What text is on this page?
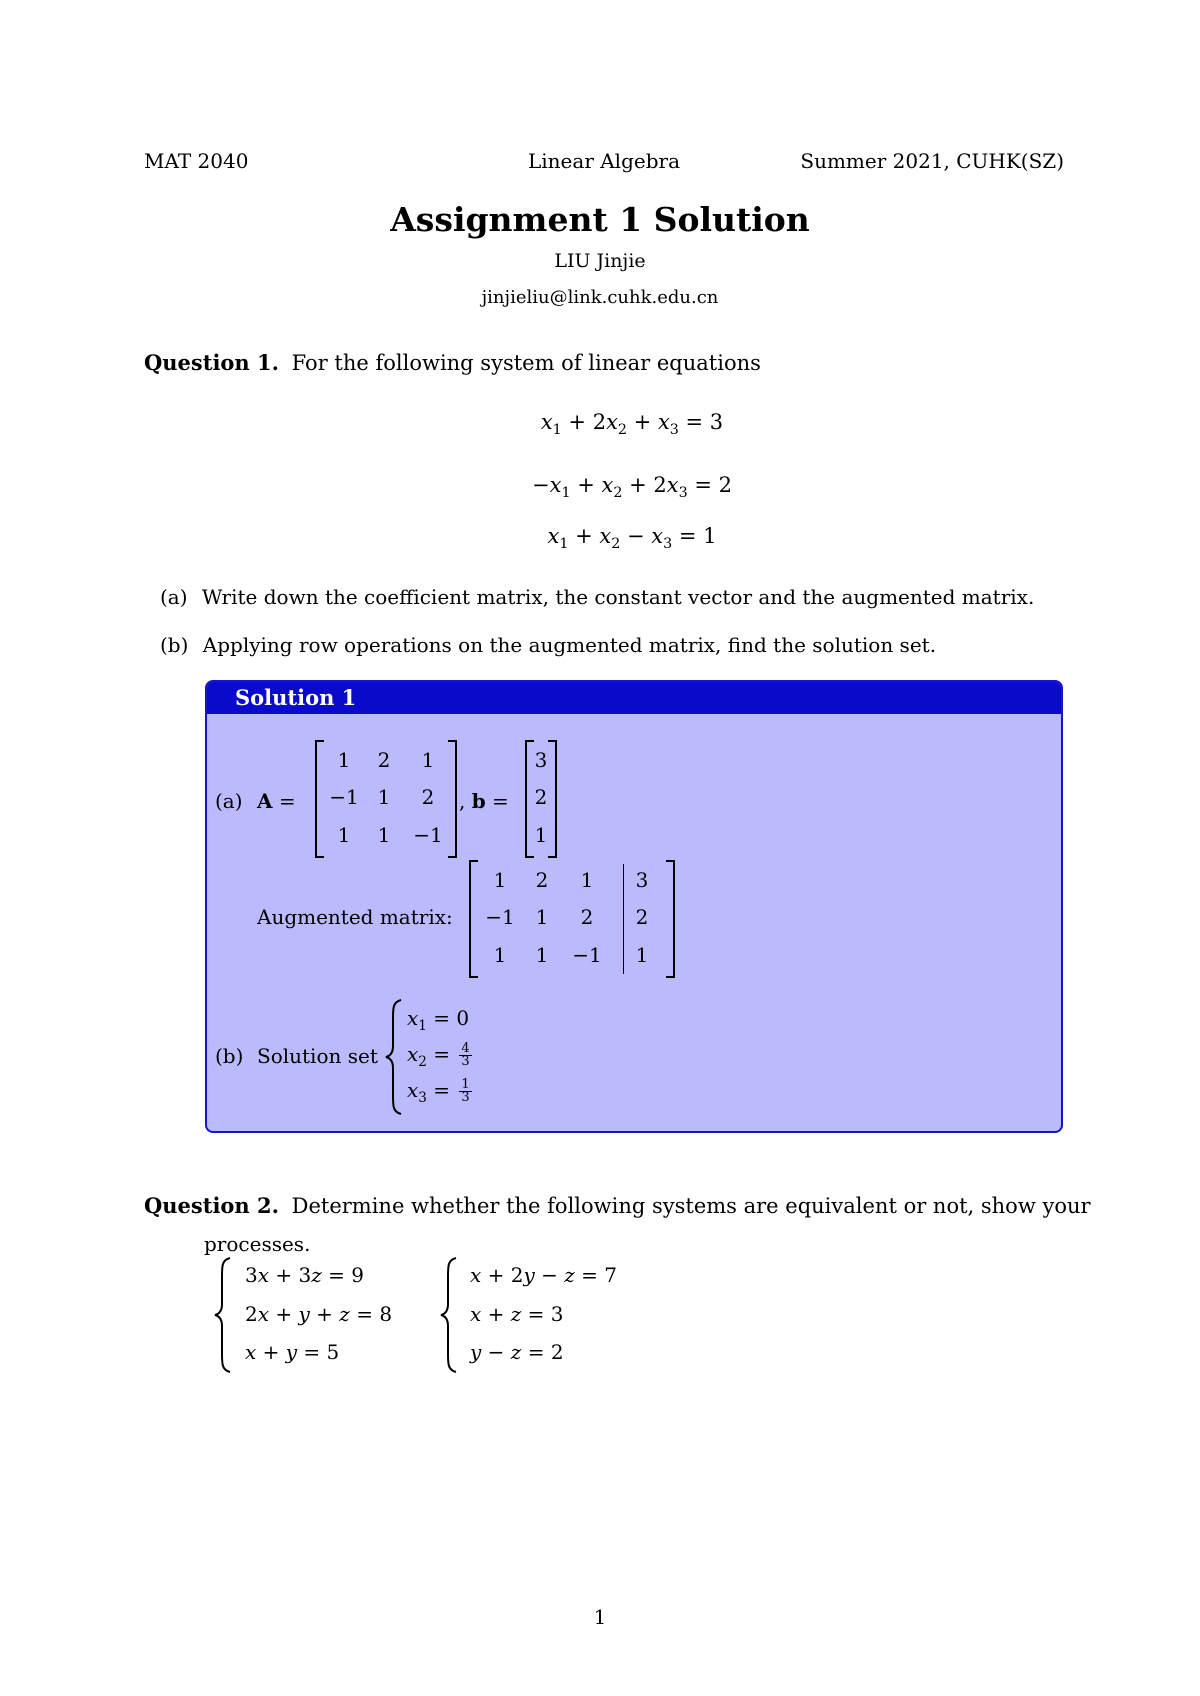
MAT 2040	Linear Algebra	Summer 2021, CUHK(SZ)
Assignment 1 Solution
LIU Jinjie
jinjieliu@link.cuhk.edu.cn
Question 1. For the following system of linear equations
$x_1 + 2x_2 + x_3 = 3$
$-x_1 + x_2 + 2x_3 = 2$
$x_1 + x_2 - x_3 = 1$
(a) Write down the coefficient matrix, the constant vector and the augmented matrix.
(b) Applying row operations on the augmented matrix, find the solution set.
Solution 1
(a) A =
1	2	1
−1 1	2
1	1	−1
, b =
3
2
1
Augmented matrix:
1	2	1	3
−1	1	2	2
1	1	−1	1
(b) Solution set
$x_1 = 0$
$x_2 = \frac{4}{3}$
$x_3 = \frac{1}{3}$
Question 2. Determine whether the following systems are equivalent or not, show your
processes.
3x + 3z = 9
2x + y + z = 8
x + y = 5
x + 2y − z = 7
x + z = 3
y − z = 2
1
